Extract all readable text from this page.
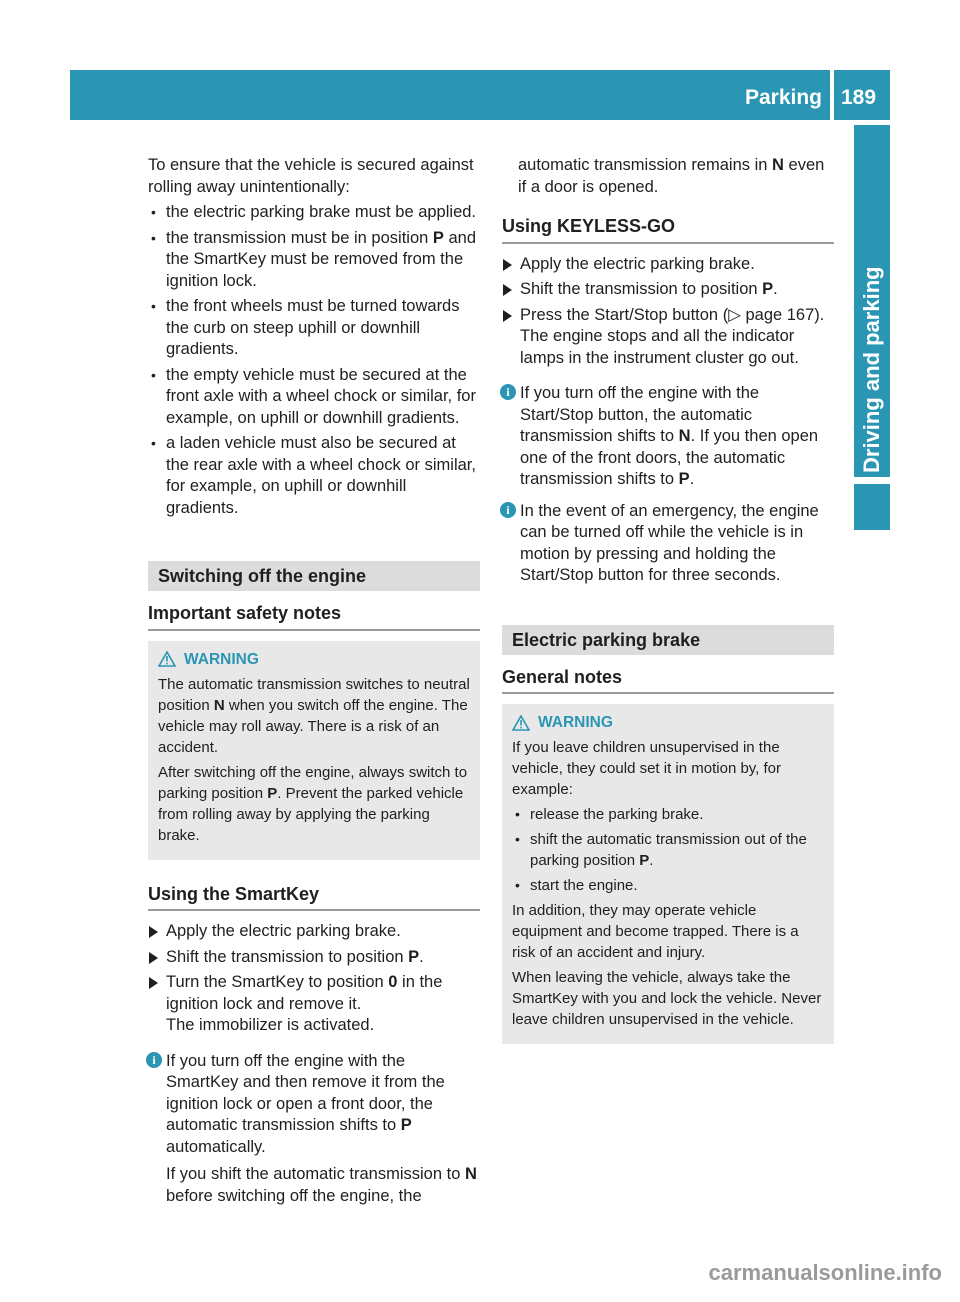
Parking 189
Driving and parking

To ensure that the vehicle is secured against rolling away unintentionally:

• the electric parking brake must be applied.
• the transmission must be in position P and the SmartKey must be removed from the ignition lock.
• the front wheels must be turned towards the curb on steep uphill or downhill gradients.
• the empty vehicle must be secured at the front axle with a wheel chock or similar, for example, on uphill or downhill gradients.
• a laden vehicle must also be secured at the rear axle with a wheel chock or similar, for example, on uphill or downhill gradients.
Switching off the engine
Important safety notes
WARNING

The automatic transmission switches to neutral position N when you switch off the engine. The vehicle may roll away. There is a risk of an accident.

After switching off the engine, always switch to parking position P. Prevent the parked vehicle from rolling away by applying the parking brake.

Using the SmartKey
Apply the electric parking brake.
Shift the transmission to position P.
Turn the SmartKey to position 0 in the ignition lock and remove it.
The immobilizer is activated.
i If you turn off the engine with the SmartKey and then remove it from the ignition lock or open a front door, the automatic transmission shifts to P automatically.
If you shift the automatic transmission to N before switching off the engine, the

automatic transmission remains in N even if a door is opened.

Using KEYLESS-GO
Apply the electric parking brake.
Shift the transmission to position P.
Press the Start/Stop button (▷ page 167).
The engine stops and all the indicator lamps in the instrument cluster go out.
i If you turn off the engine with the Start/Stop button, the automatic transmission shifts to N. If you then open one of the front doors, the automatic transmission shifts to P.
i In the event of an emergency, the engine can be turned off while the vehicle is in motion by pressing and holding the Start/Stop button for three seconds.
Electric parking brake
General notes
WARNING

If you leave children unsupervised in the vehicle, they could set it in motion by, for example:

• release the parking brake.
• shift the automatic transmission out of the parking position P.
• start the engine.

In addition, they may operate vehicle equipment and become trapped. There is a risk of an accident and injury.

When leaving the vehicle, always take the SmartKey with you and lock the vehicle. Never leave children unsupervised in the vehicle.

carmanualsonline.info
